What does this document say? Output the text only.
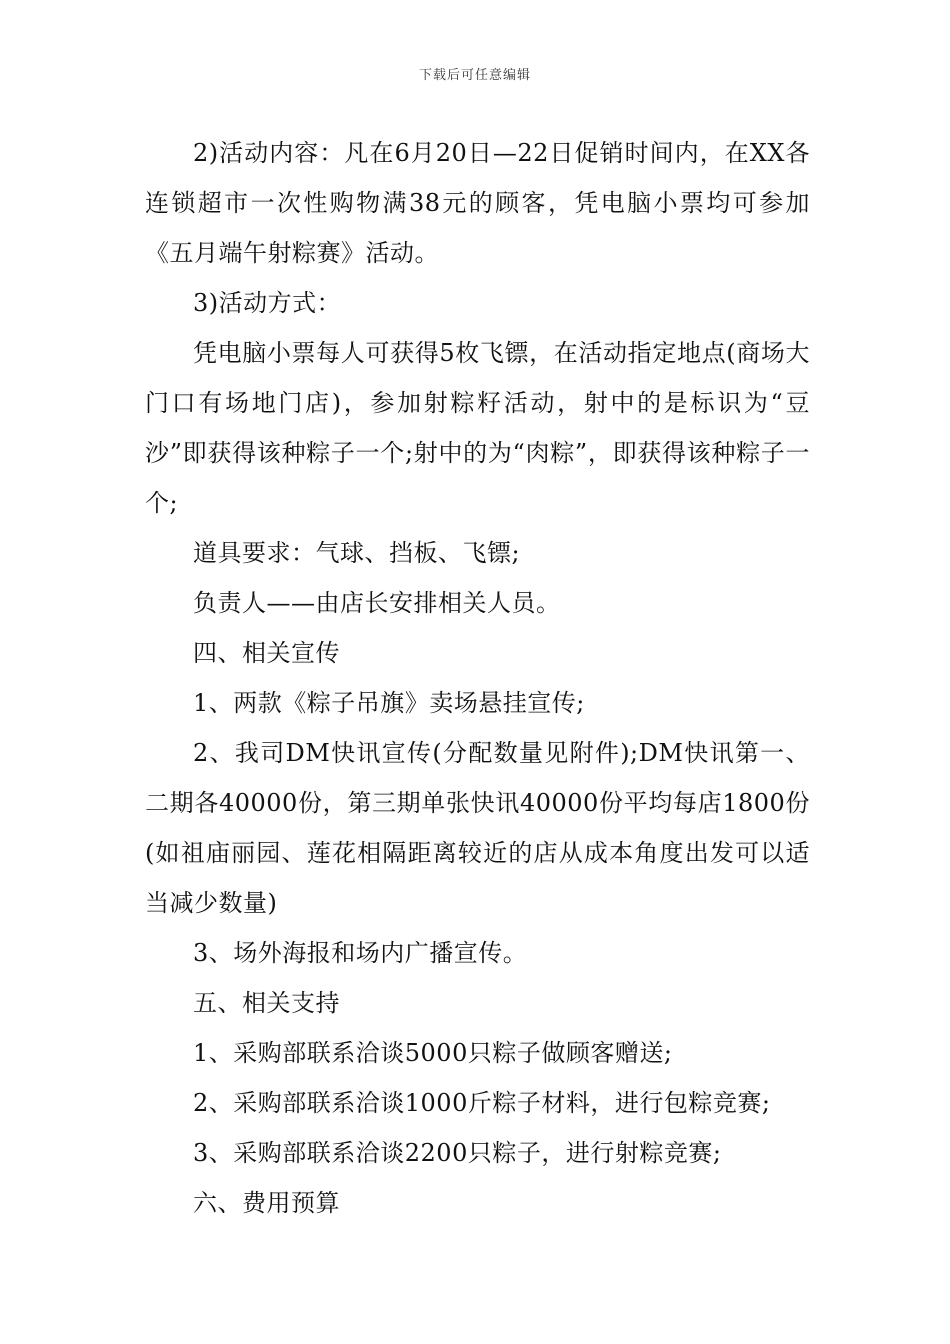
下载后可任意编辑

2)活动内容：凡在6月20日—22日促销时间内，在XX各连锁超市一次性购物满38元的顾客，凭电脑小票均可参加《五月端午射粽赛》活动。

3)活动方式：

凭电脑小票每人可获得5枚飞镖，在活动指定地点(商场大门口有场地门店)，参加射粽籽活动，射中的是标识为“豆沙”即获得该种粽子一个;射中的为“肉粽”，即获得该种粽子一个;

道具要求：气球、挡板、飞镖;

负责人——由店长安排相关人员。

四、相关宣传

1、两款《粽子吊旗》卖场悬挂宣传;

2、我司DM快讯宣传(分配数量见附件);DM快讯第一、二期各40000份，第三期单张快讯40000份平均每店1800份(如祖庙丽园、莲花相隔距离较近的店从成本角度出发可以适当减少数量)

3、场外海报和场内广播宣传。

五、相关支持

1、采购部联系洽谈5000只粽子做顾客赠送;

2、采购部联系洽谈1000斤粽子材料，进行包粽竞赛;

3、采购部联系洽谈2200只粽子，进行射粽竞赛;

六、费用预算
